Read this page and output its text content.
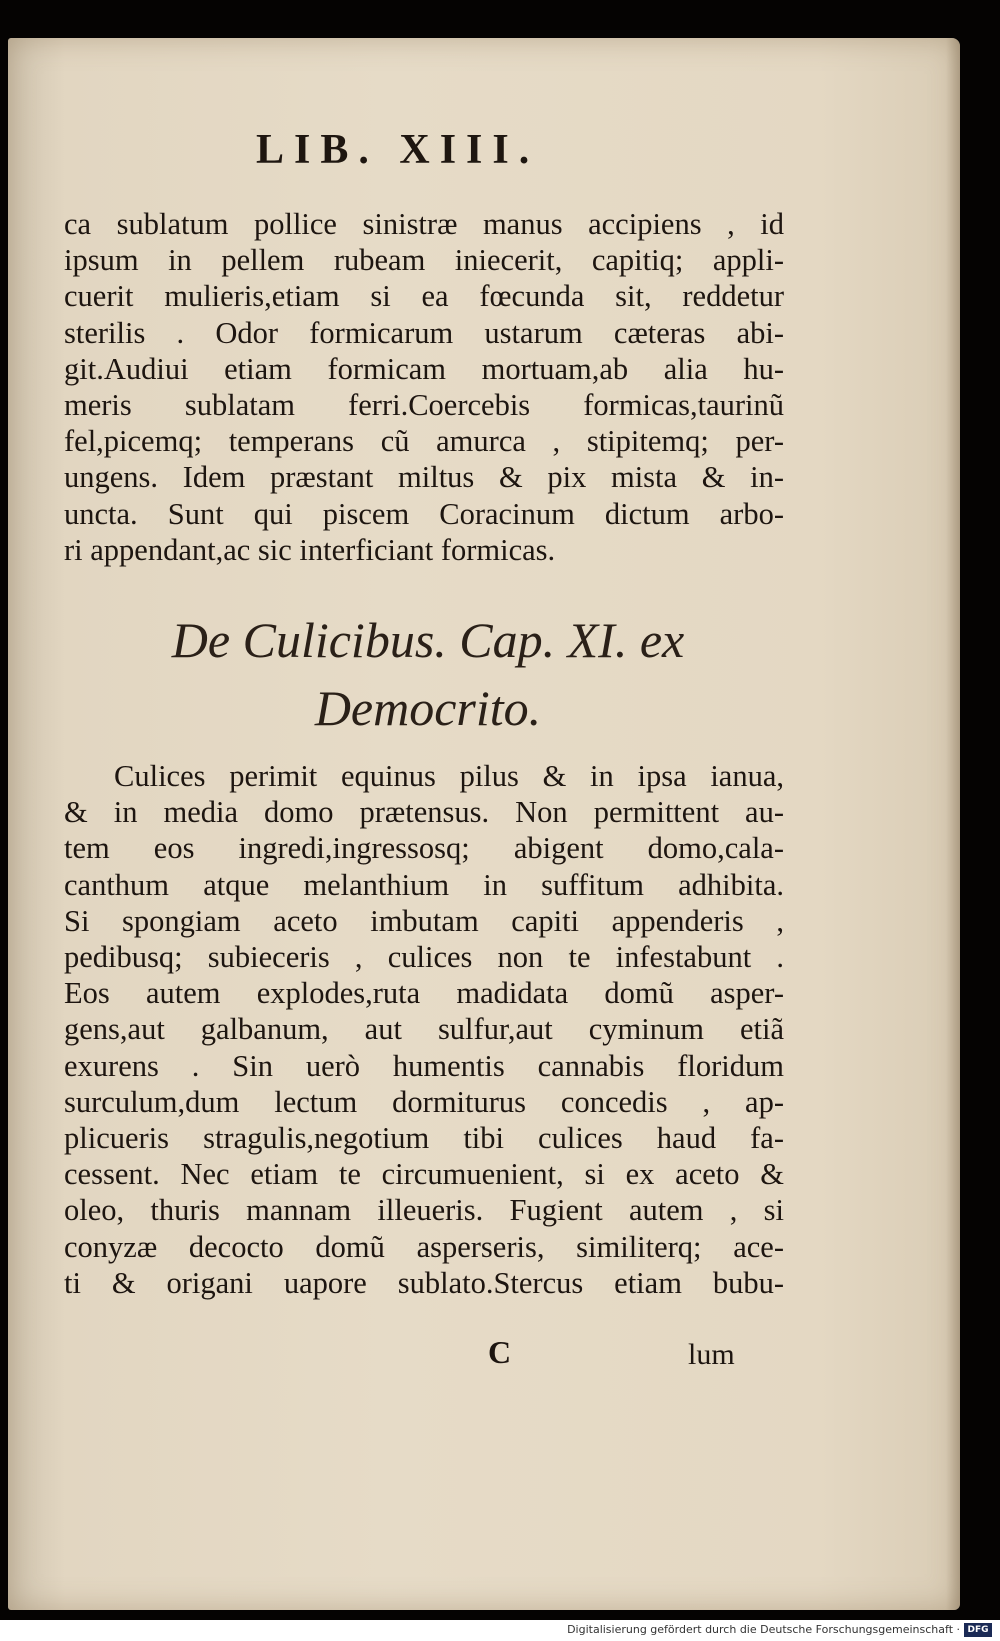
LIB. XIII.
ca sublatum pollice sinistræ manus accipiens , id
ipsum in pellem rubeam iniecerit, capitiq; appli-
cuerit mulieris,etiam si ea fœcunda sit, reddetur
sterilis . Odor formicarum ustarum cæteras abi-
git.Audiui etiam formicam mortuam,ab alia hu-
meris sublatam ferri.Coercebis formicas,taurinũ
fel,picemq; temperans cũ amurca , stipitemq; per-
ungens. Idem præstant miltus & pix mista & in-
uncta. Sunt qui piscem Coracinum dictum arbo-
ri appendant,ac sic interficiant formicas.
De Culicibus. Cap. XI. ex
Democrito.
Culices perimit equinus pilus & in ipsa ianua,
& in media domo prætensus. Non permittent au-
tem eos ingredi,ingressosq; abigent domo,cala-
canthum atque melanthium in suffitum adhibita.
Si spongiam aceto imbutam capiti appenderis ,
pedibusq; subieceris , culices non te infestabunt .
Eos autem explodes,ruta madidata domũ asper-
gens,aut galbanum, aut sulfur,aut cyminum etiã
exurens . Sin uerò humentis cannabis floridum
surculum,dum lectum dormiturus concedis , ap-
plicueris stragulis,negotium tibi culices haud fa-
cessent. Nec etiam te circumuenient, si ex aceto &
oleo, thuris mannam illeueris. Fugient autem , si
conyzæ decocto domũ asperseris, similiterq; ace-
ti & origani uapore sublato.Stercus etiam bubu-
C	lum
Digitalisierung gefördert durch die Deutsche Forschungsgemeinschaft · DFG
